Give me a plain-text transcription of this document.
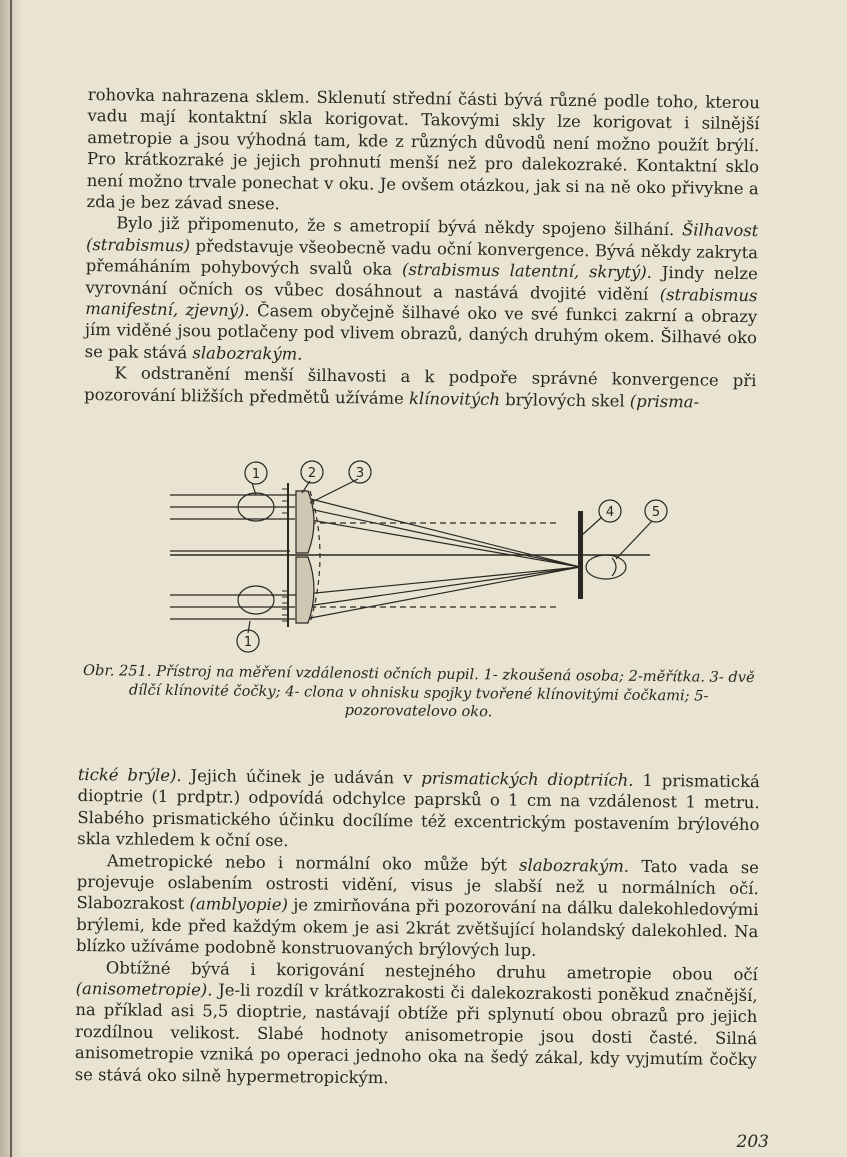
rohovka nahrazena sklem. Sklenutí střední části bývá různé podle toho, kterou vadu mají kontaktní skla korigovat. Takovými skly lze korigovat i silnější ametropie a jsou výhodná tam, kde z různých důvodů není možno použít brýlí. Pro krátkozraké je jejich prohnutí menší než pro dalekozraké. Kontaktní sklo není možno trvale ponechat v oku. Je ovšem otázkou, jak si na ně oko přivykne a zda je bez závad snese.

Bylo již připomenuto, že s ametropií bývá někdy spojeno šilhání. Šilhavost (strabismus) představuje všeobecně vadu oční konvergence. Bývá někdy zakryta přemáháním pohybových svalů oka (strabismus latentní, skrytý). Jindy nelze vyrovnání očních os vůbec dosáhnout a nastává dvojité vidění (strabismus manifestní, zjevný). Časem obyčejně šilhavé oko ve své funkci zakrní a obrazy jím viděné jsou potlačeny pod vlivem obrazů, daných druhým okem. Šilhavé oko se pak stává slabozrakým.

K odstranění menší šilhavosti a k podpoře správné konvergence při pozorování bližších předmětů užíváme klínovitých brýlových skel (prisma-

1	2	3
4	5
1
Obr. 251. Přístroj na měření vzdálenosti očních pupil. 1- zkoušená osoba; 2-měřítka. 3- dvě dílčí klínovité čočky; 4- clona v ohnisku spojky tvořené klínovitými čočkami; 5- pozorovatelovo oko.

tické brýle). Jejich účinek je udáván v prismatických dioptriích. 1 prismatická dioptrie (1 prdptr.) odpovídá odchylce paprsků o 1 cm na vzdálenost 1 metru. Slabého prismatického účinku docílíme též excentrickým postavením brýlového skla vzhledem k oční ose.

Ametropické nebo i normální oko může být slabozrakým. Tato vada se projevuje oslabením ostrosti vidění, visus je slabší než u normálních očí. Slabozrakost (amblyopie) je zmirňována při pozorování na dálku dalekohledovými brýlemi, kde před každým okem je asi 2krát zvětšující holandský dalekohled. Na blízko užíváme podobně konstruovaných brýlových lup.

Obtížné bývá i korigování nestejného druhu ametropie obou očí (anisometropie). Je-li rozdíl v krátkozrakosti či dalekozrakosti poněkud značnější, na příklad asi 5,5 dioptrie, nastávají obtíže při splynutí obou obrazů pro jejich rozdílnou velikost. Slabé hodnoty anisometropie jsou dosti časté. Silná anisometropie vzniká po operaci jednoho oka na šedý zákal, kdy vyjmutím čočky se stává oko silně hypermetropickým.

203
